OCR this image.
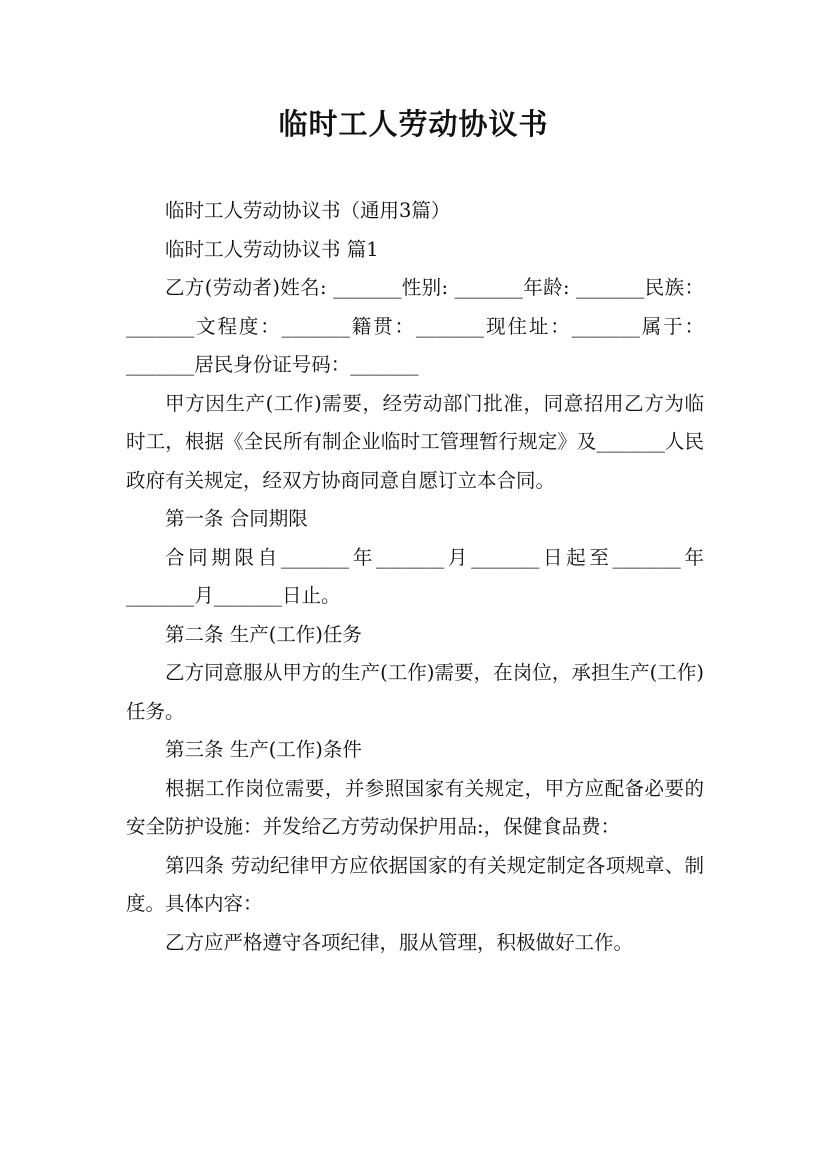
临时工人劳动协议书

临时工人劳动协议书（通用3篇）

临时工人劳动协议书 篇1

乙方(劳动者)姓名: _______性别: _______年龄: _______民族：_______文程度：_______籍贯：_______现住址：_______属于：_______居民身份证号码：_______

甲方因生产(工作)需要，经劳动部门批准，同意招用乙方为临时工，根据《全民所有制企业临时工管理暂行规定》及_______人民政府有关规定，经双方协商同意自愿订立本合同。

第一条 合同期限

合同期限自_______年_______月_______日起至_______年_______月_______日止。

第二条 生产(工作)任务

乙方同意服从甲方的生产(工作)需要，在岗位，承担生产(工作)任务。

第三条 生产(工作)条件

根据工作岗位需要，并参照国家有关规定，甲方应配备必要的安全防护设施：并发给乙方劳动保护用品:，保健食品费：

第四条 劳动纪律甲方应依据国家的有关规定制定各项规章、制度。具体内容：

乙方应严格遵守各项纪律，服从管理，积极做好工作。
